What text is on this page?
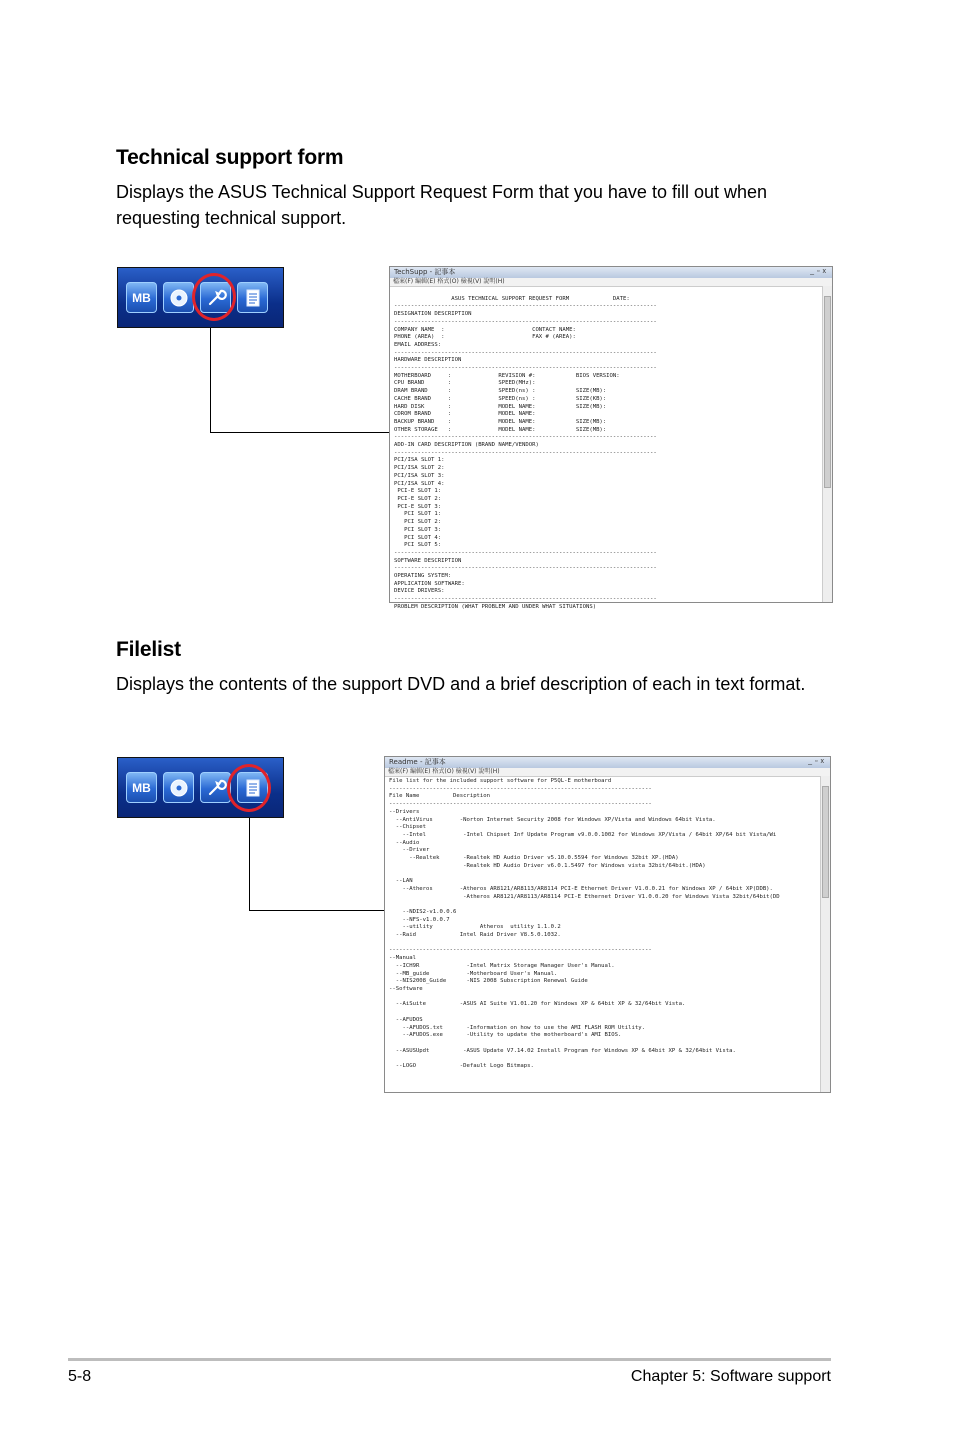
Technical support form

Displays the ASUS Technical Support Request Form that you have to fill out when requesting technical support.

MB
TechSupp - 記事本	_▫x
檔案(F) 編輯(E) 格式(O) 檢視(V) 說明(H)

ASUS TECHNICAL SUPPORT REQUEST FORM             DATE:
------------------------------------------------------------------------------
DESIGNATION DESCRIPTION
------------------------------------------------------------------------------
COMPANY NAME  :                          CONTACT NAME:
PHONE (AREA)  :                          FAX # (AREA):
EMAIL ADDRESS:
------------------------------------------------------------------------------
HARDWARE DESCRIPTION
------------------------------------------------------------------------------
MOTHERBOARD     :              REVISION #:            BIOS VERSION:
CPU BRAND       :              SPEED(MHz):
DRAM BRAND      :              SPEED(ns) :            SIZE(MB):
CACHE BRAND     :              SPEED(ns) :            SIZE(KB):
HARD DISK       :              MODEL NAME:            SIZE(MB):
CDROM BRAND     :              MODEL NAME:
BACKUP BRAND    :              MODEL NAME:            SIZE(MB):
OTHER STORAGE   :              MODEL NAME:            SIZE(MB):
------------------------------------------------------------------------------
ADD-IN CARD DESCRIPTION (BRAND NAME/VENDOR)
------------------------------------------------------------------------------
PCI/ISA SLOT 1:
PCI/ISA SLOT 2:
PCI/ISA SLOT 3:
PCI/ISA SLOT 4:
PCI-E SLOT 1:
PCI-E SLOT 2:
PCI-E SLOT 3:
PCI SLOT 1:
PCI SLOT 2:
PCI SLOT 3:
PCI SLOT 4:
PCI SLOT 5:
------------------------------------------------------------------------------
SOFTWARE DESCRIPTION
------------------------------------------------------------------------------
OPERATING SYSTEM:
APPLICATION SOFTWARE:
DEVICE DRIVERS:
------------------------------------------------------------------------------
PROBLEM DESCRIPTION (WHAT PROBLEM AND UNDER WHAT SITUATIONS)
Filelist

Displays the contents of the support DVD and a brief description of each in text format.

MB
Readme - 記事本	_▫x
檔案(F) 編輯(E) 格式(O) 檢視(V) 說明(H)
File list for the included support software for P5QL-E motherboard
------------------------------------------------------------------------------
File Name          Description
------------------------------------------------------------------------------
--Drivers
--AntiVirus        -Norton Internet Security 2008 for Windows XP/Vista and Windows 64bit Vista.
--Chipset
--Intel           -Intel Chipset Inf Update Program v9.0.0.1002 for Windows XP/Vista / 64bit XP/64 bit Vista/Wi
--Audio
--Driver
--Realtek       -Realtek HD Audio Driver v5.10.0.5594 for Windows 32bit XP.(HDA)
-Realtek HD Audio Driver v6.0.1.5497 for Windows vista 32bit/64bit.(HDA)

--LAN
--Atheros        -Atheros AR8121/AR8113/AR8114 PCI-E Ethernet Driver V1.0.0.21 for Windows XP / 64bit XP(DDB).
-Atheros AR8121/AR8113/AR8114 PCI-E Ethernet Driver V1.0.0.20 for Windows Vista 32bit/64bit(DD

--NDIS2-v1.0.0.6
--NFS-v1.0.0.7
--utility              Atheros  utility 1.1.0.2
--Raid             Intel Raid Driver V8.5.0.1032.

------------------------------------------------------------------------------
--Manual
--ICH9R              -Intel Matrix Storage Manager User's Manual.
--MB_guide           -Motherboard User's Manual.
--NIS2008_Guide      -NIS 2008 Subscription Renewal Guide
--Software

--AiSuite          -ASUS AI Suite V1.01.20 for Windows XP & 64bit XP & 32/64bit Vista.

--AFUDOS
--AFUDOS.txt       -Information on how to use the AMI FLASH ROM Utility.
--AFUDOS.exe       -Utility to update the motherboard's AMI BIOS.

--ASUSUpdt          -ASUS Update V7.14.02 Install Program for Windows XP & 64bit XP & 32/64bit Vista.

--LOGO             -Default Logo Bitmaps.
5-8	Chapter 5: Software support
